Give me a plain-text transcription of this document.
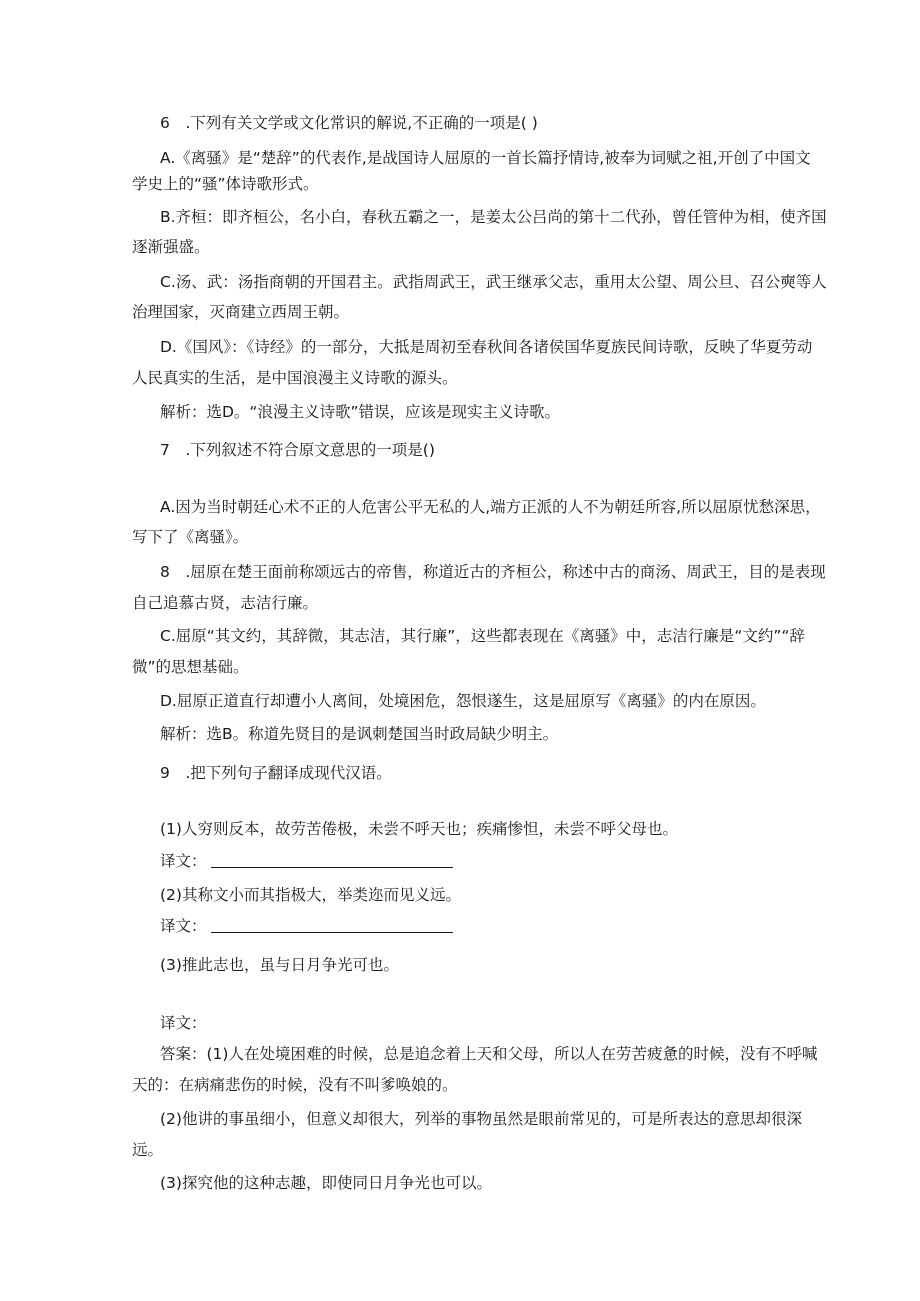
6　.下列有关文学或文化常识的解说,不正确的一项是( )
A.《离骚》是“楚辞”的代表作,是战国诗人屈原的一首长篇抒情诗,被奉为词赋之祖,开创了中国文
学史上的“骚”体诗歌形式。
B.齐桓：即齐桓公，名小白，春秋五霸之一，是姜太公吕尚的第十二代孙，曾任管仲为相，使齐国
逐渐强盛。
C.汤、武：汤指商朝的开国君主。武指周武王，武王继承父志，重用太公望、周公旦、召公奭等人
治理国家，灭商建立西周王朝。
D.《国风》：《诗经》的一部分，大抵是周初至春秋间各诸侯国华夏族民间诗歌，反映了华夏劳动
人民真实的生活，是中国浪漫主义诗歌的源头。
解析：选D。“浪漫主义诗歌”错误，应该是现实主义诗歌。
7　.下列叙述不符合原文意思的一项是()
A.因为当时朝廷心术不正的人危害公平无私的人,端方正派的人不为朝廷所容,所以屈原忧愁深思，
写下了《离骚》。
8　.屈原在楚王面前称颂远古的帝售，称道近古的齐桓公，称述中古的商汤、周武王，目的是表现
自己追慕古贤，志洁行廉。
C.屈原“其文约，其辞微，其志洁，其行廉”，这些都表现在《离骚》中，志洁行廉是“文约”“辞
微”的思想基础。
D.屈原正道直行却遭小人离间，处境困危，怨恨遂生，这是屈原写《离骚》的内在原因。
解析：选B。称道先贤目的是讽刺楚国当时政局缺少明主。
9　.把下列句子翻译成现代汉语。
(1)人穷则反本，故劳苦倦极，未尝不呼天也；疾痛惨怛，未尝不呼父母也。
译文：
(2)其称文小而其指极大，举类迩而见义远。
译文：
(3)推此志也，虽与日月争光可也。
译文：
答案：(1)人在处境困难的时候，总是追念着上天和父母，所以人在劳苦疲惫的时候，没有不呼喊
天的：在病痛悲伤的时候，没有不叫爹唤娘的。
(2)他讲的事虽细小，但意义却很大，列举的事物虽然是眼前常见的，可是所表达的意思却很深
远。
(3)探究他的这种志趣，即使同日月争光也可以。
